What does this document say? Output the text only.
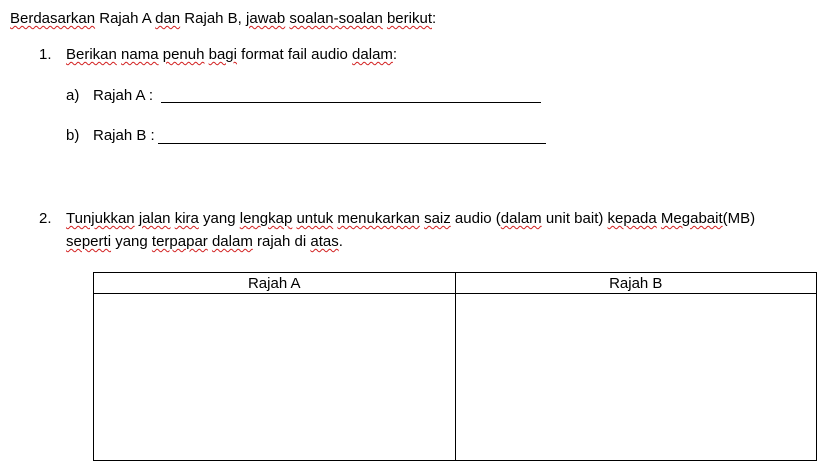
Berdasarkan Rajah A dan Rajah B, jawab soalan-soalan berikut:
1. Berikan nama penuh bagi format fail audio dalam:
a) Rajah A :
b) Rajah B :
2. Tunjukkan jalan kira yang lengkap untuk menukarkan saiz audio (dalam unit bait) kepada Megabait(MB)
seperti yang terpapar dalam rajah di atas.
Rajah A	Rajah B
